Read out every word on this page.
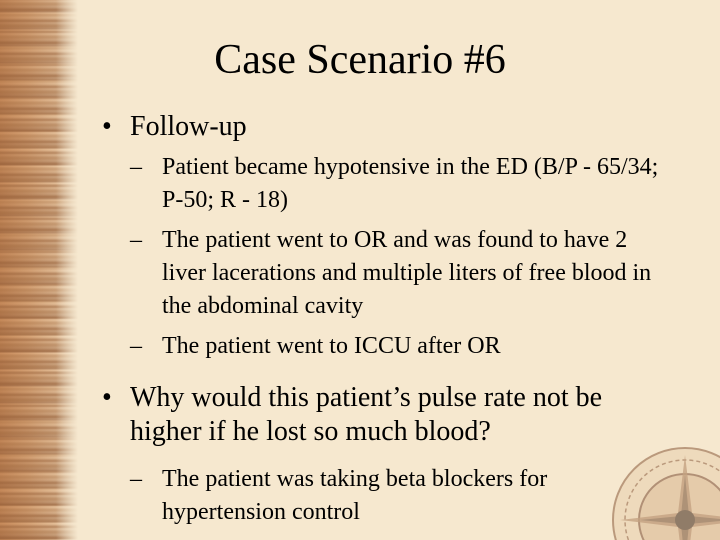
Case Scenario #6
• Follow-up
– Patient became hypotensive in the ED (B/P - 65/34; P-50; R - 18)
– The patient went to OR and was found to have 2 liver lacerations and multiple liters of free blood in the abdominal cavity
– The patient went to ICCU after OR
• Why would this patient’s pulse rate not be higher if he lost so much blood?
– The patient was taking beta blockers for hypertension control
